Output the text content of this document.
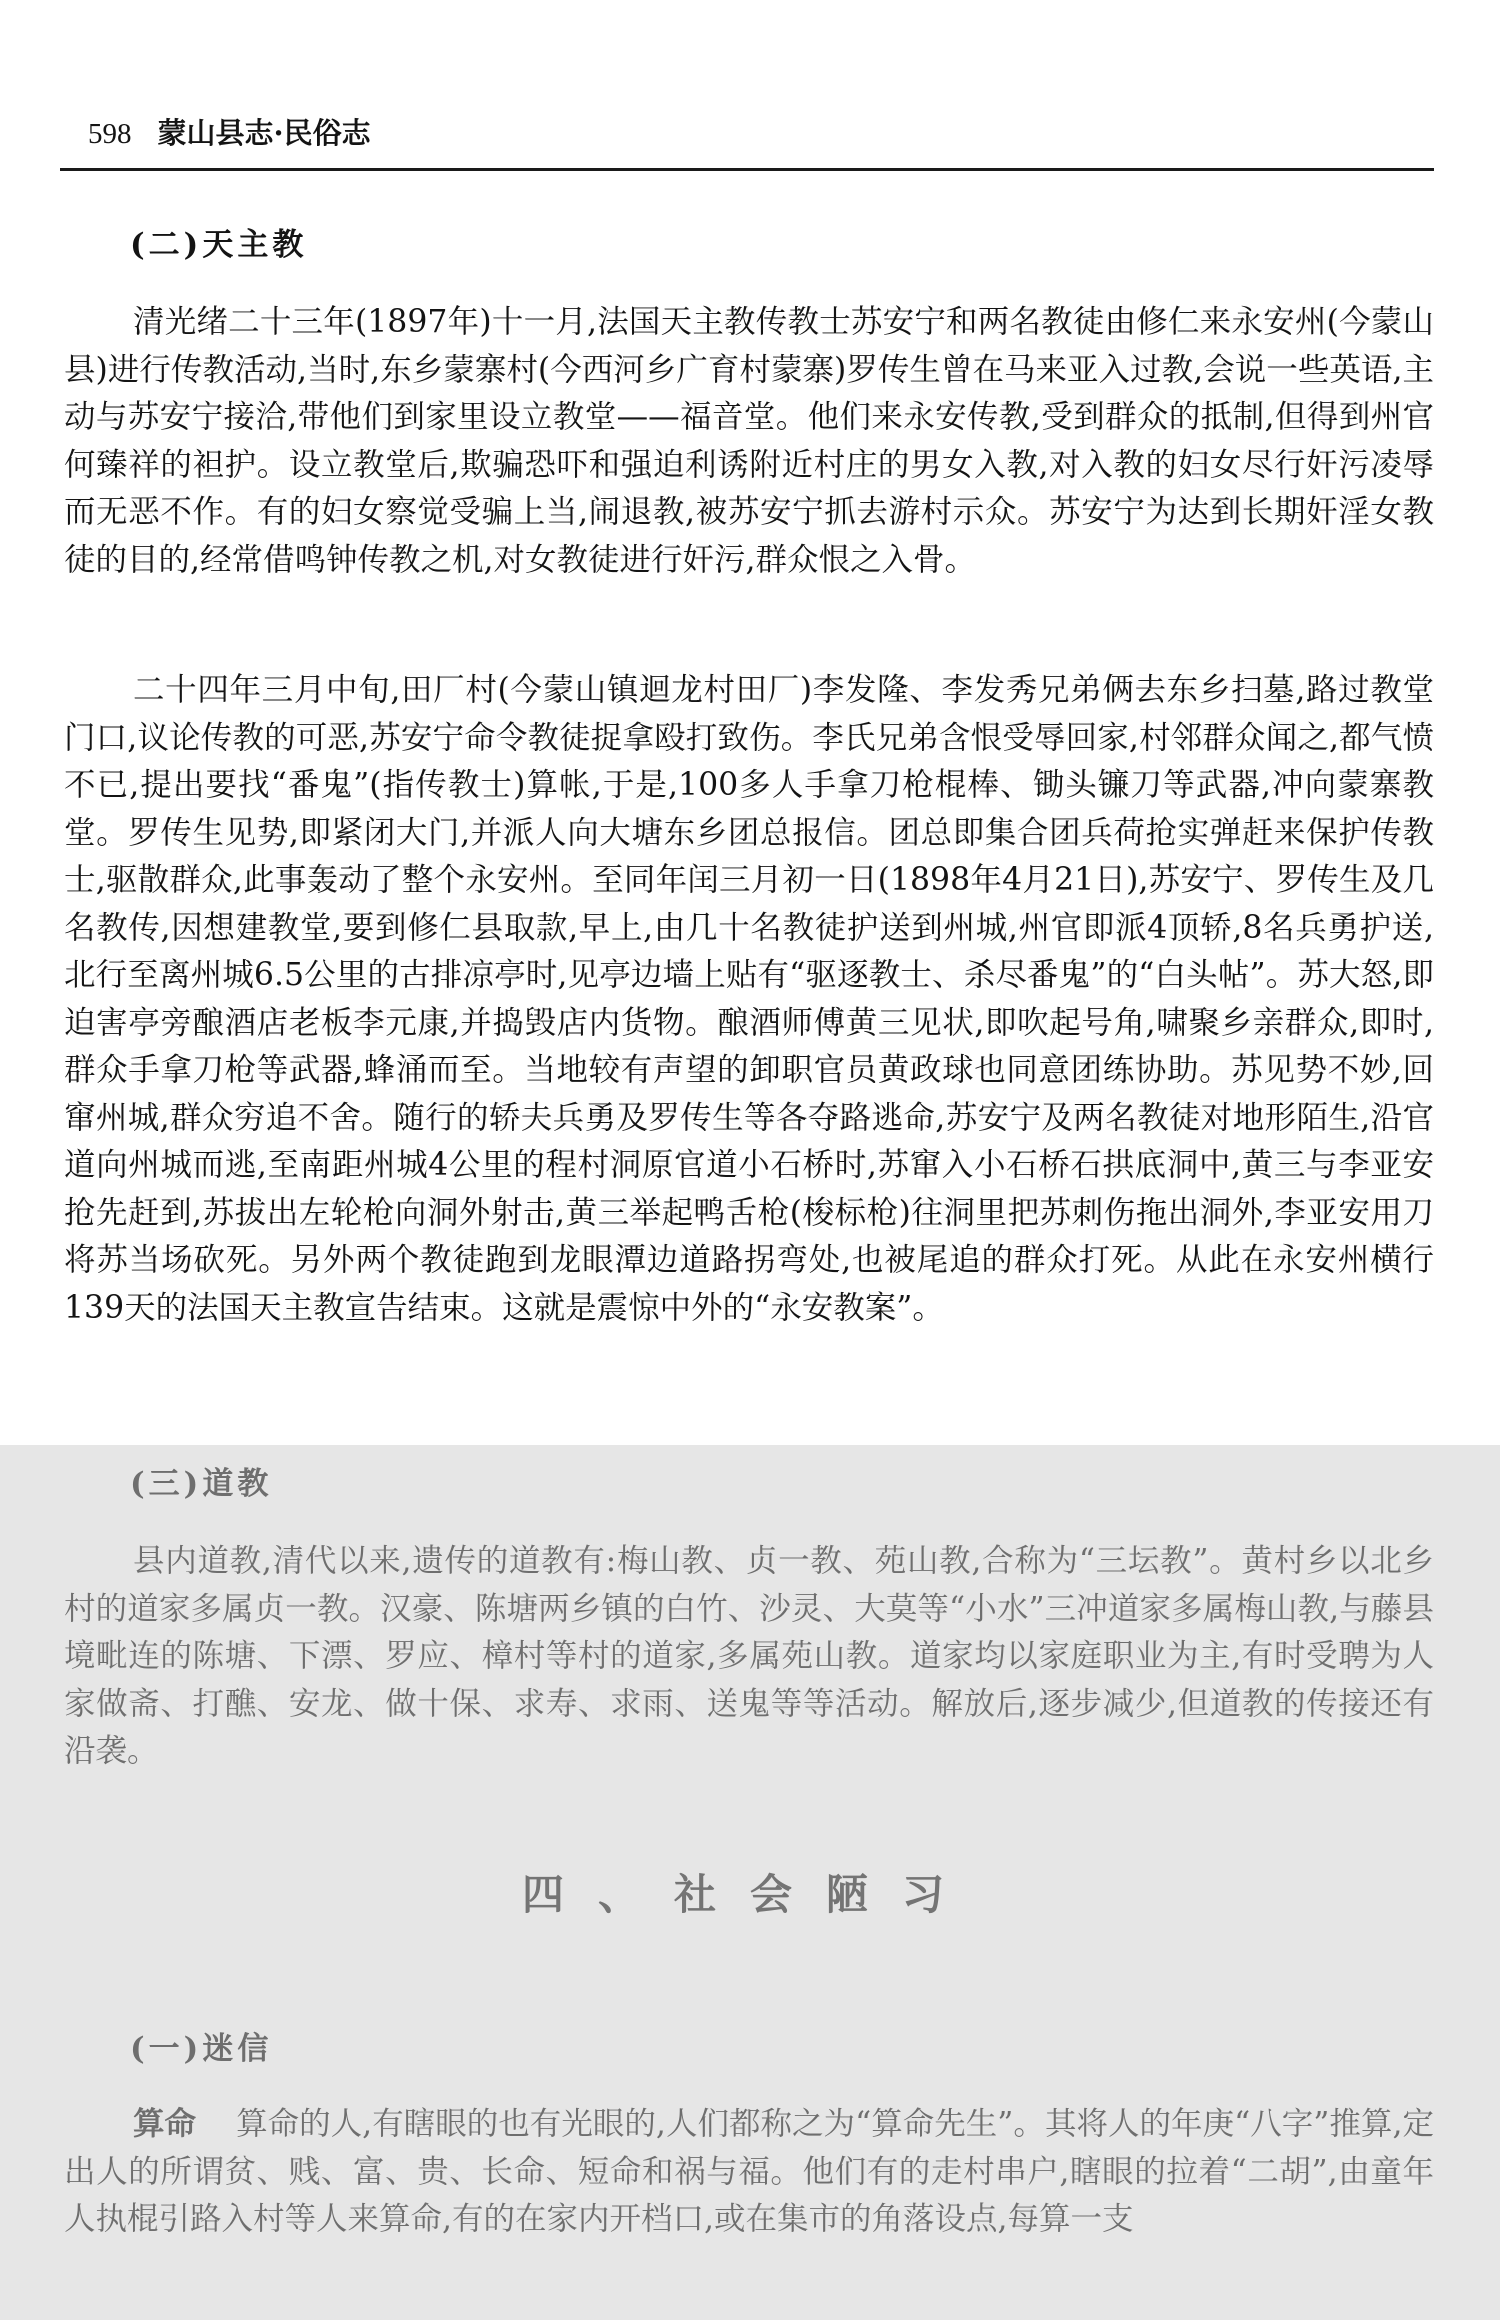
598 蒙山县志·民俗志
(二)天主教

清光绪二十三年(1897年)十一月,法国天主教传教士苏安宁和两名教徒由修仁来永安州(今蒙山县)进行传教活动,当时,东乡蒙寨村(今西河乡广育村蒙寨)罗传生曾在马来亚入过教,会说一些英语,主动与苏安宁接洽,带他们到家里设立教堂——福音堂。他们来永安传教,受到群众的抵制,但得到州官何臻祥的袒护。设立教堂后,欺骗恐吓和强迫利诱附近村庄的男女入教,对入教的妇女尽行奸污凌辱而无恶不作。有的妇女察觉受骗上当,闹退教,被苏安宁抓去游村示众。苏安宁为达到长期奸淫女教徒的目的,经常借鸣钟传教之机,对女教徒进行奸污,群众恨之入骨。

二十四年三月中旬,田厂村(今蒙山镇迴龙村田厂)李发隆、李发秀兄弟俩去东乡扫墓,路过教堂门口,议论传教的可恶,苏安宁命令教徒捉拿殴打致伤。李氏兄弟含恨受辱回家,村邻群众闻之,都气愤不已,提出要找“番鬼”(指传教士)算帐,于是,100多人手拿刀枪棍棒、锄头镰刀等武器,冲向蒙寨教堂。罗传生见势,即紧闭大门,并派人向大塘东乡团总报信。团总即集合团兵荷抢实弹赶来保护传教士,驱散群众,此事轰动了整个永安州。至同年闰三月初一日(1898年4月21日),苏安宁、罗传生及几名教传,因想建教堂,要到修仁县取款,早上,由几十名教徒护送到州城,州官即派4顶轿,8名兵勇护送,北行至离州城6.5公里的古排凉亭时,见亭边墙上贴有“驱逐教士、杀尽番鬼”的“白头帖”。苏大怒,即迫害亭旁酿酒店老板李元康,并捣毁店内货物。酿酒师傅黄三见状,即吹起号角,啸聚乡亲群众,即时,群众手拿刀枪等武器,蜂涌而至。当地较有声望的卸职官员黄政球也同意团练协助。苏见势不妙,回窜州城,群众穷追不舍。随行的轿夫兵勇及罗传生等各夺路逃命,苏安宁及两名教徒对地形陌生,沿官道向州城而逃,至南距州城4公里的程村洞原官道小石桥时,苏窜入小石桥石拱底洞中,黄三与李亚安抢先赶到,苏拔出左轮枪向洞外射击,黄三举起鸭舌枪(梭标枪)往洞里把苏刺伤拖出洞外,李亚安用刀将苏当场砍死。另外两个教徒跑到龙眼潭边道路拐弯处,也被尾追的群众打死。从此在永安州横行139天的法国天主教宣告结束。这就是震惊中外的“永安教案”。

(三)道教

县内道教,清代以来,遗传的道教有:梅山教、贞一教、苑山教,合称为“三坛教”。黄村乡以北乡村的道家多属贞一教。汉豪、陈塘两乡镇的白竹、沙灵、大莫等“小水”三冲道家多属梅山教,与藤县境毗连的陈塘、下漂、罗应、樟村等村的道家,多属苑山教。道家均以家庭职业为主,有时受聘为人家做斋、打醮、安龙、做十保、求寿、求雨、送鬼等等活动。解放后,逐步减少,但道教的传接还有沿袭。

四、社会陋习
(一)迷信

算命 算命的人,有瞎眼的也有光眼的,人们都称之为“算命先生”。其将人的年庚“八字”推算,定出人的所谓贫、贱、富、贵、长命、短命和祸与福。他们有的走村串户,瞎眼的拉着“二胡”,由童年人执棍引路入村等人来算命,有的在家内开档口,或在集市的角落设点,每算一支
